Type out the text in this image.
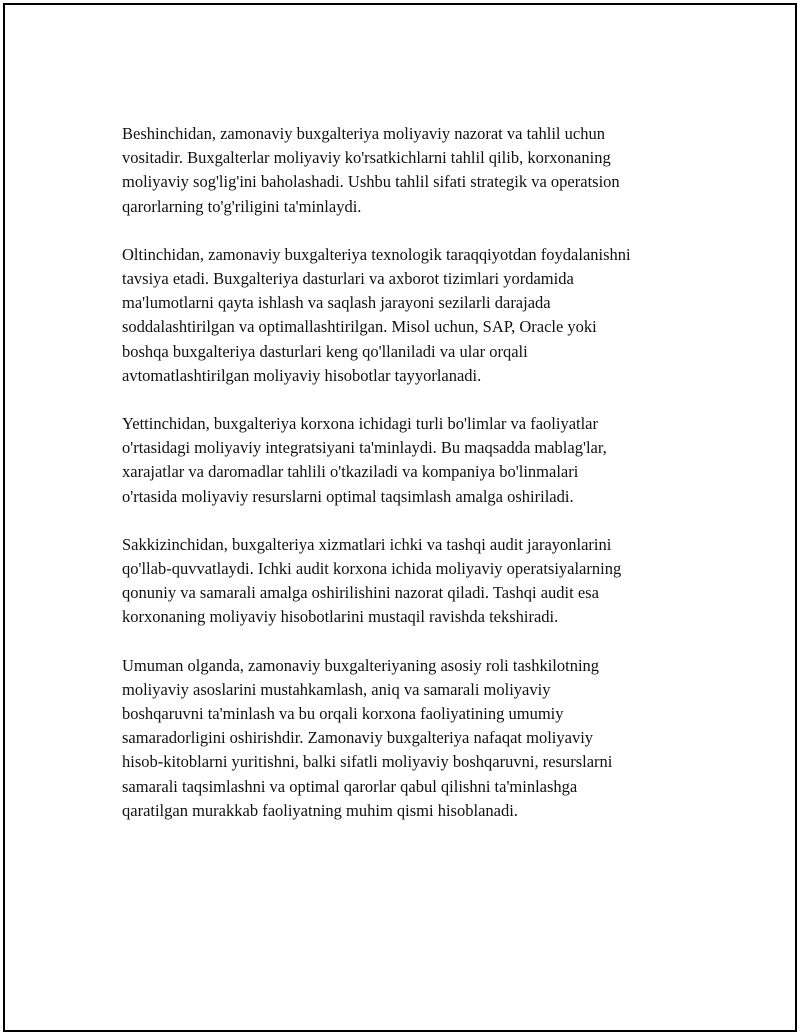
Beshinchidan, zamonaviy buxgalteriya moliyaviy nazorat va tahlil uchun
vositadir. Buxgalterlar moliyaviy ko'rsatkichlarni tahlil qilib, korxonaning
moliyaviy sog'lig'ini baholashadi. Ushbu tahlil sifati strategik va operatsion
qarorlarning to'g'riligini ta'minlaydi.

Oltinchidan, zamonaviy buxgalteriya texnologik taraqqiyotdan foydalanishni
tavsiya etadi. Buxgalteriya dasturlari va axborot tizimlari yordamida
ma'lumotlarni qayta ishlash va saqlash jarayoni sezilarli darajada
soddalashtirilgan va optimallashtirilgan. Misol uchun, SAP, Oracle yoki
boshqa buxgalteriya dasturlari keng qo'llaniladi va ular orqali
avtomatlashtirilgan moliyaviy hisobotlar tayyorlanadi.

Yettinchidan, buxgalteriya korxona ichidagi turli bo'limlar va faoliyatlar
o'rtasidagi moliyaviy integratsiyani ta'minlaydi. Bu maqsadda mablag'lar,
xarajatlar va daromadlar tahlili o'tkaziladi va kompaniya bo'linmalari
o'rtasida moliyaviy resurslarni optimal taqsimlash amalga oshiriladi.

Sakkizinchidan, buxgalteriya xizmatlari ichki va tashqi audit jarayonlarini
qo'llab-quvvatlaydi. Ichki audit korxona ichida moliyaviy operatsiyalarning
qonuniy va samarali amalga oshirilishini nazorat qiladi. Tashqi audit esa
korxonaning moliyaviy hisobotlarini mustaqil ravishda tekshiradi.

Umuman olganda, zamonaviy buxgalteriyaning asosiy roli tashkilotning
moliyaviy asoslarini mustahkamlash, aniq va samarali moliyaviy
boshqaruvni ta'minlash va bu orqali korxona faoliyatining umumiy
samaradorligini oshirishdir. Zamonaviy buxgalteriya nafaqat moliyaviy
hisob-kitoblarni yuritishni, balki sifatli moliyaviy boshqaruvni, resurslarni
samarali taqsimlashni va optimal qarorlar qabul qilishni ta'minlashga
qaratilgan murakkab faoliyatning muhim qismi hisoblanadi.
